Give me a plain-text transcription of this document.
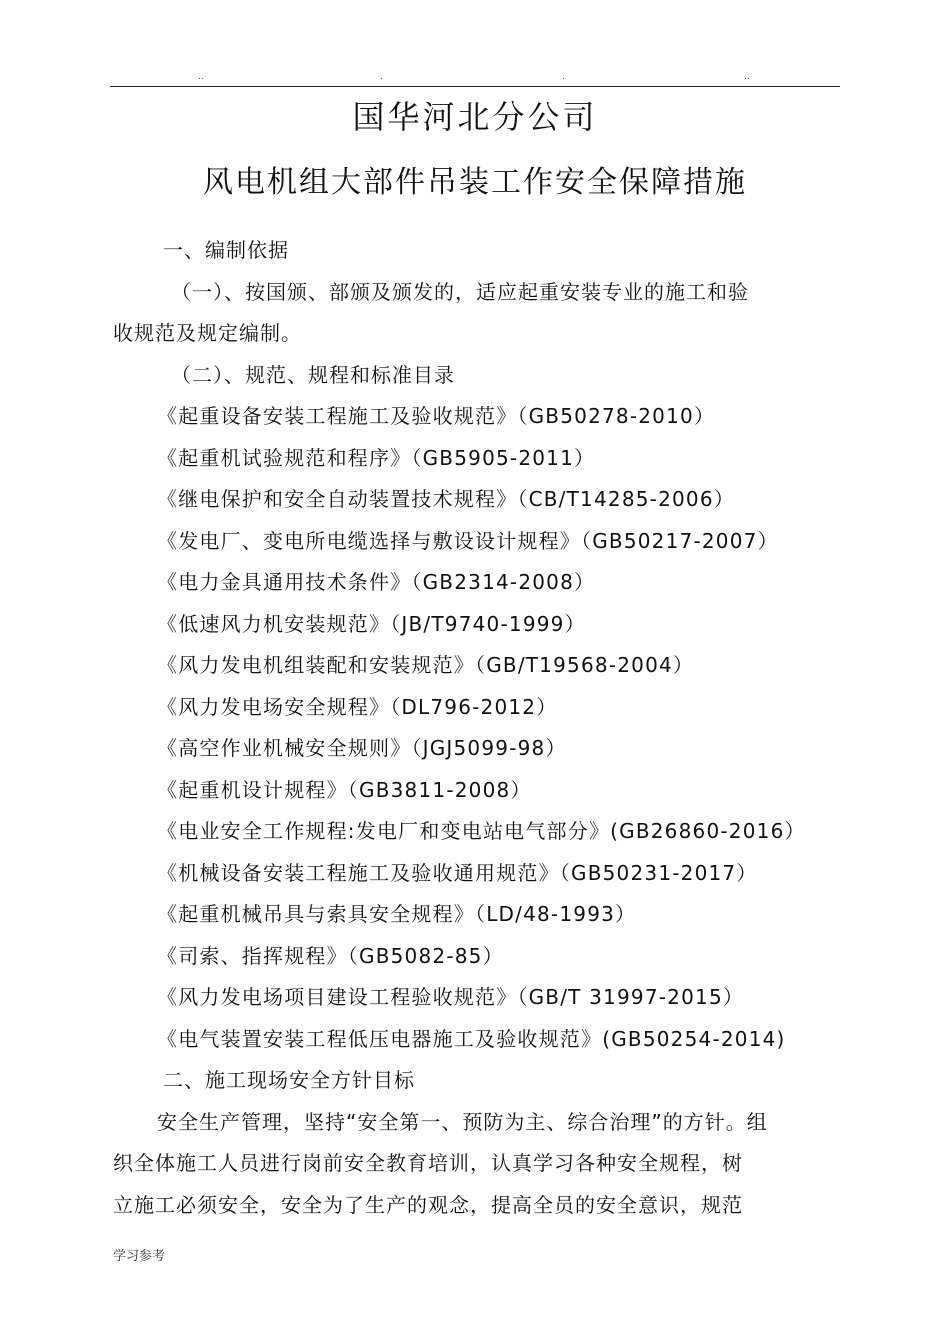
..	.	.	..
国华河北分公司
风电机组大部件吊装工作安全保障措施
一、编制依据
（一）、按国颁、部颁及颁发的，适应起重安装专业的施工和验
收规范及规定编制。
（二）、规范、规程和标准目录
《起重设备安装工程施工及验收规范》（GB50278-2010）
《起重机试验规范和程序》（GB5905-2011）
《继电保护和安全自动装置技术规程》（CB/T14285-2006）
《发电厂、变电所电缆选择与敷设设计规程》（GB50217-2007）
《电力金具通用技术条件》（GB2314-2008）
《低速风力机安装规范》（JB/T9740-1999）
《风力发电机组装配和安装规范》（GB/T19568-2004）
《风力发电场安全规程》（DL796-2012）
《高空作业机械安全规则》（JGJ5099-98）
《起重机设计规程》（GB3811-2008）
《电业安全工作规程:发电厂和变电站电气部分》(GB26860-2016）
《机械设备安装工程施工及验收通用规范》（GB50231-2017）
《起重机械吊具与索具安全规程》（LD/48-1993）
《司索、指挥规程》（GB5082-85）
《风力发电场项目建设工程验收规范》（GB/T 31997-2015）
《电气装置安装工程低压电器施工及验收规范》(GB50254-2014)
二、施工现场安全方针目标
安全生产管理，坚持“安全第一、预防为主、综合治理”的方针。组
织全体施工人员进行岗前安全教育培训，认真学习各种安全规程，树
立施工必须安全，安全为了生产的观念，提高全员的安全意识，规范
学习参考
